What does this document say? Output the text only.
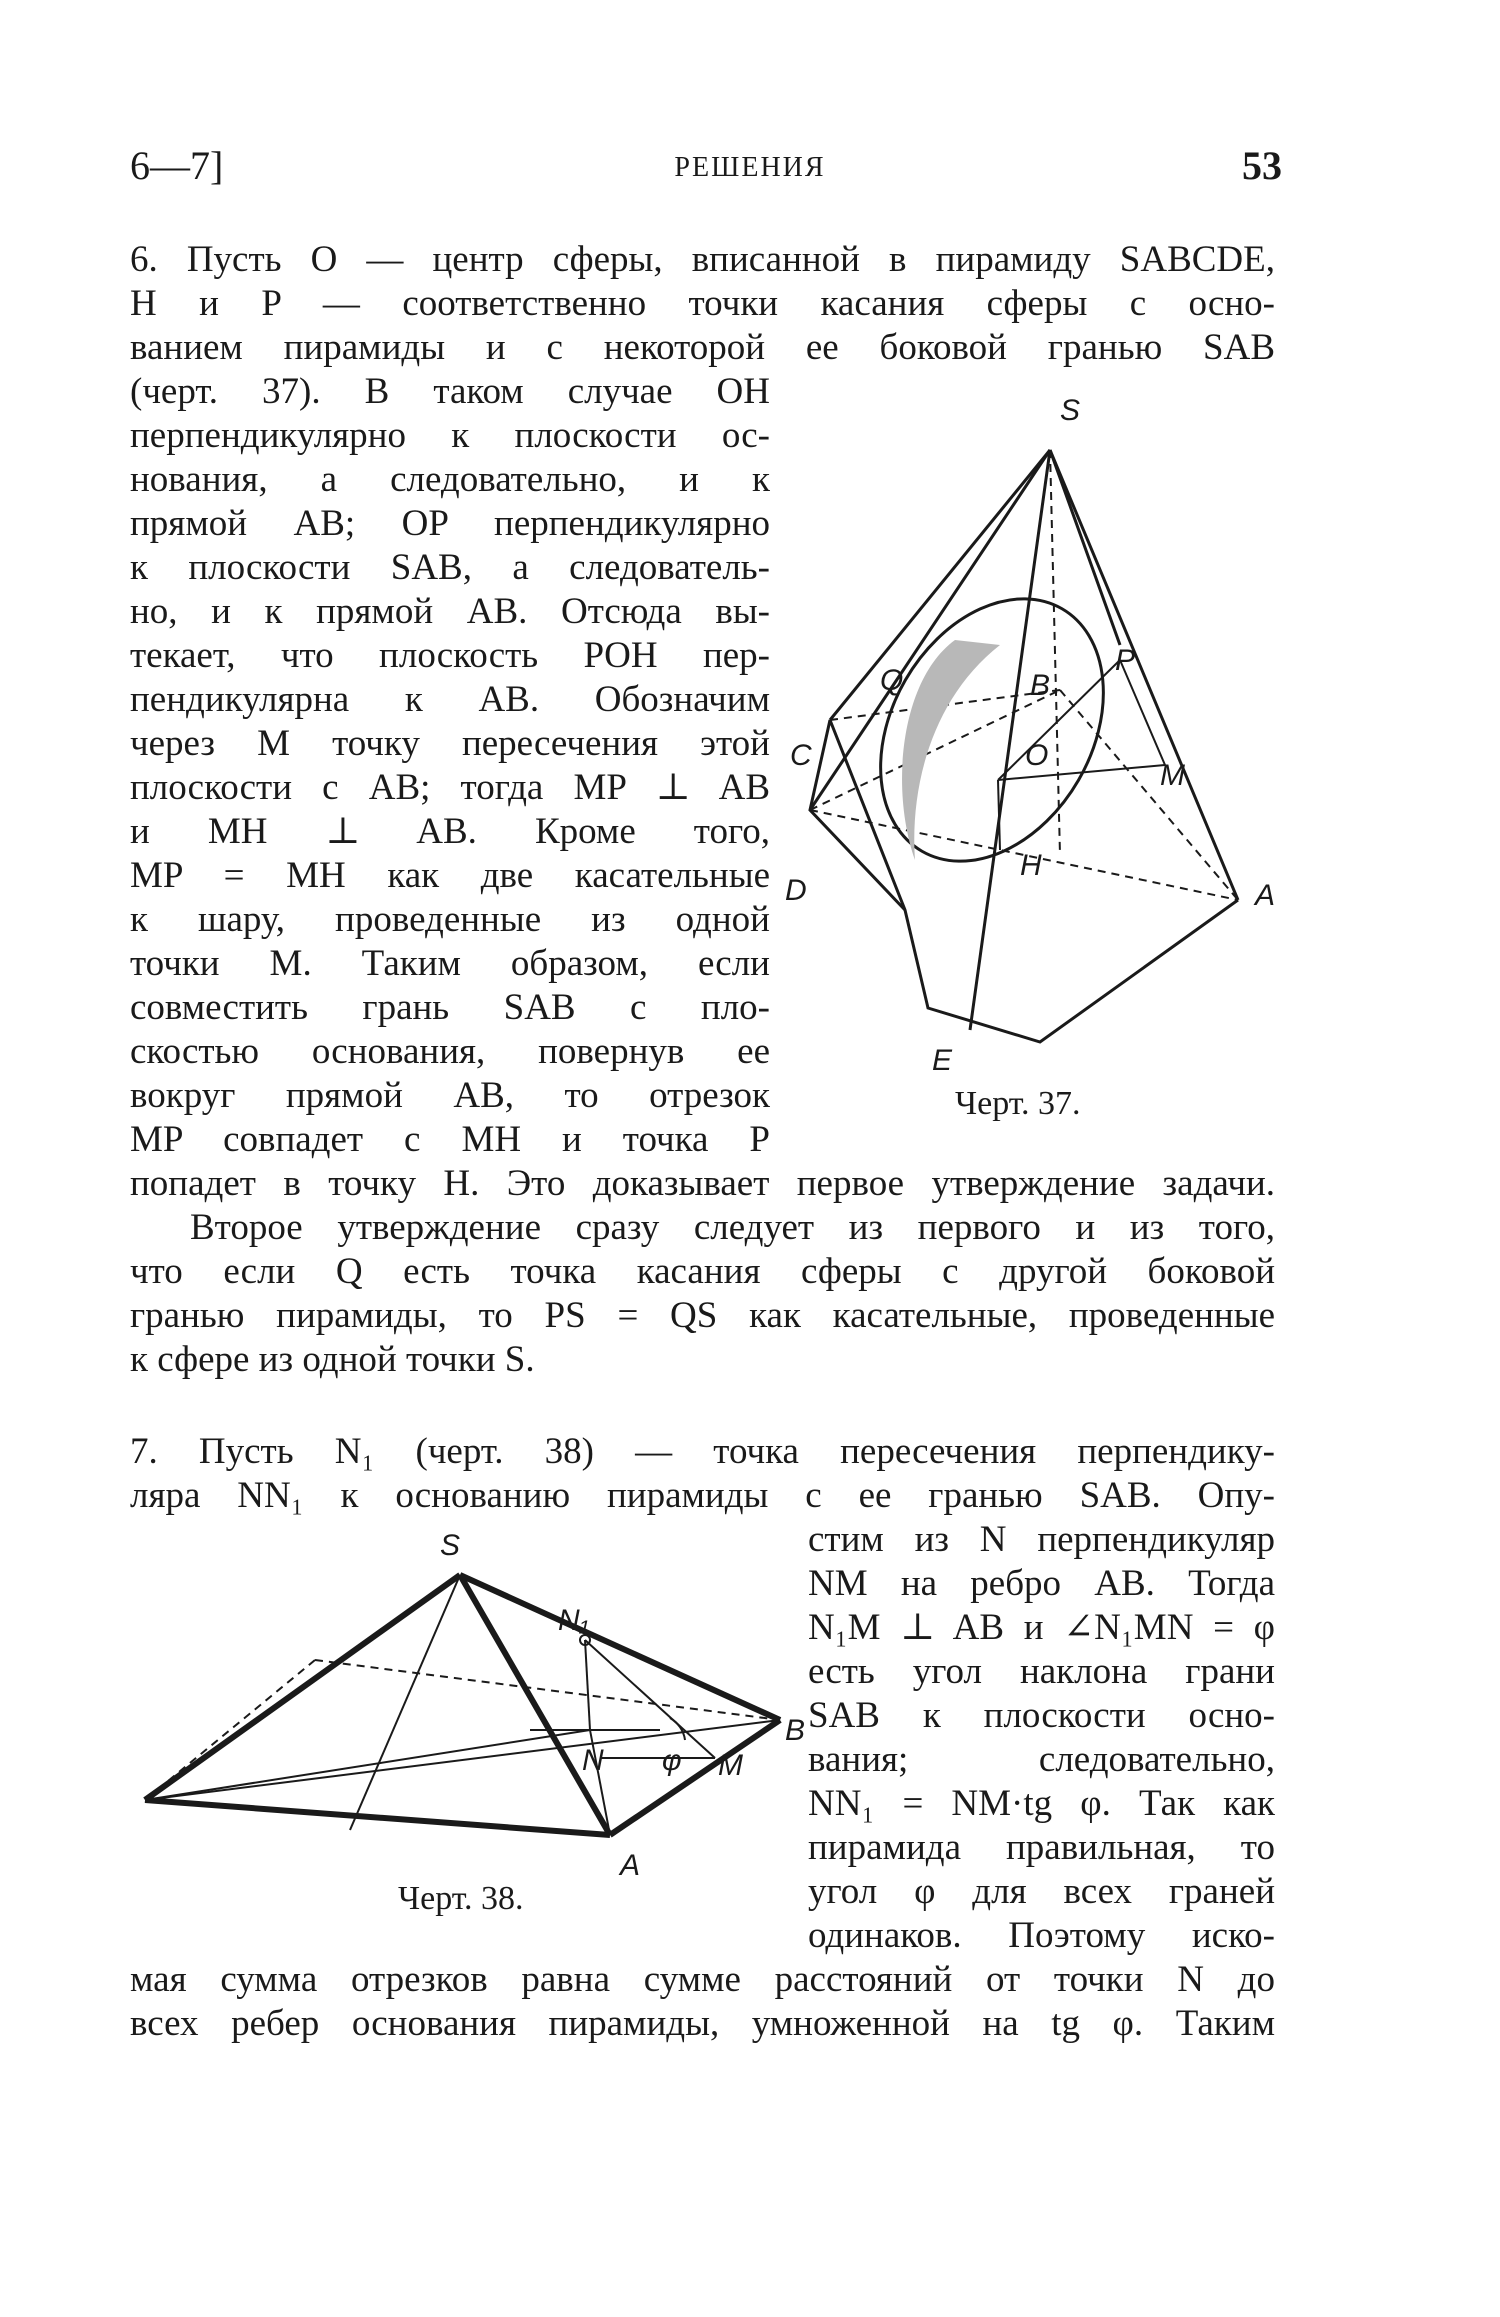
6—7]	РЕШЕНИЯ	53
6. Пусть O — центр сферы, вписанной в пирамиду SABCDE,
H и P — соответственно точки касания сферы с осно-
ванием пирамиды и с некоторой ее боковой гранью SAB
(черт. 37). В таком случае OH
перпендикулярно к плоскости ос-
нования, а следовательно, и к
прямой AB; OP перпендикулярно
к плоскости SAB, а следователь-
но, и к прямой AB. Отсюда вы-
текает, что плоскость POH пер-
пендикулярна к AB. Обозначим
через M точку пересечения этой
плоскости с AB; тогда MP ⊥ AB
и MH ⊥ AB. Кроме того,
MP = MH как две касательные
к шару, проведенные из одной
точки M. Таким образом, если
совместить грань SAB с пло-
скостью основания, повернув ее
вокруг прямой AB, то отрезок
MP совпадет с MH и точка P
попадет в точку H. Это доказывает первое утверждение задачи.
Второе утверждение сразу следует из первого и из того,
что если Q есть точка касания сферы с другой боковой
гранью пирамиды, то PS = QS как касательные, проведенные
к сфере из одной точки S.
S
C
D
E
A
B
P
Q
O
H
M
Черт. 37.
7. Пусть N₁ (черт. 38) — точка пересечения перпендику-
ляра NN₁ к основанию пирамиды с ее гранью SAB. Опу-
стим из N перпендикуляр
NM на ребро AB. Тогда
N₁M ⊥ AB и ∠N₁MN = φ
есть угол наклона грани
SAB к плоскости осно-
вания; следовательно,
NN₁ = NM·tg φ. Так как
пирамида правильная, то
угол φ для всех граней
одинаков. Поэтому иско-
мая сумма отрезков равна сумме расстояний от точки N до
всех ребер основания пирамиды, умноженной на tg φ. Таким
S
B
A
M
N
N₁
φ
Черт. 38.
